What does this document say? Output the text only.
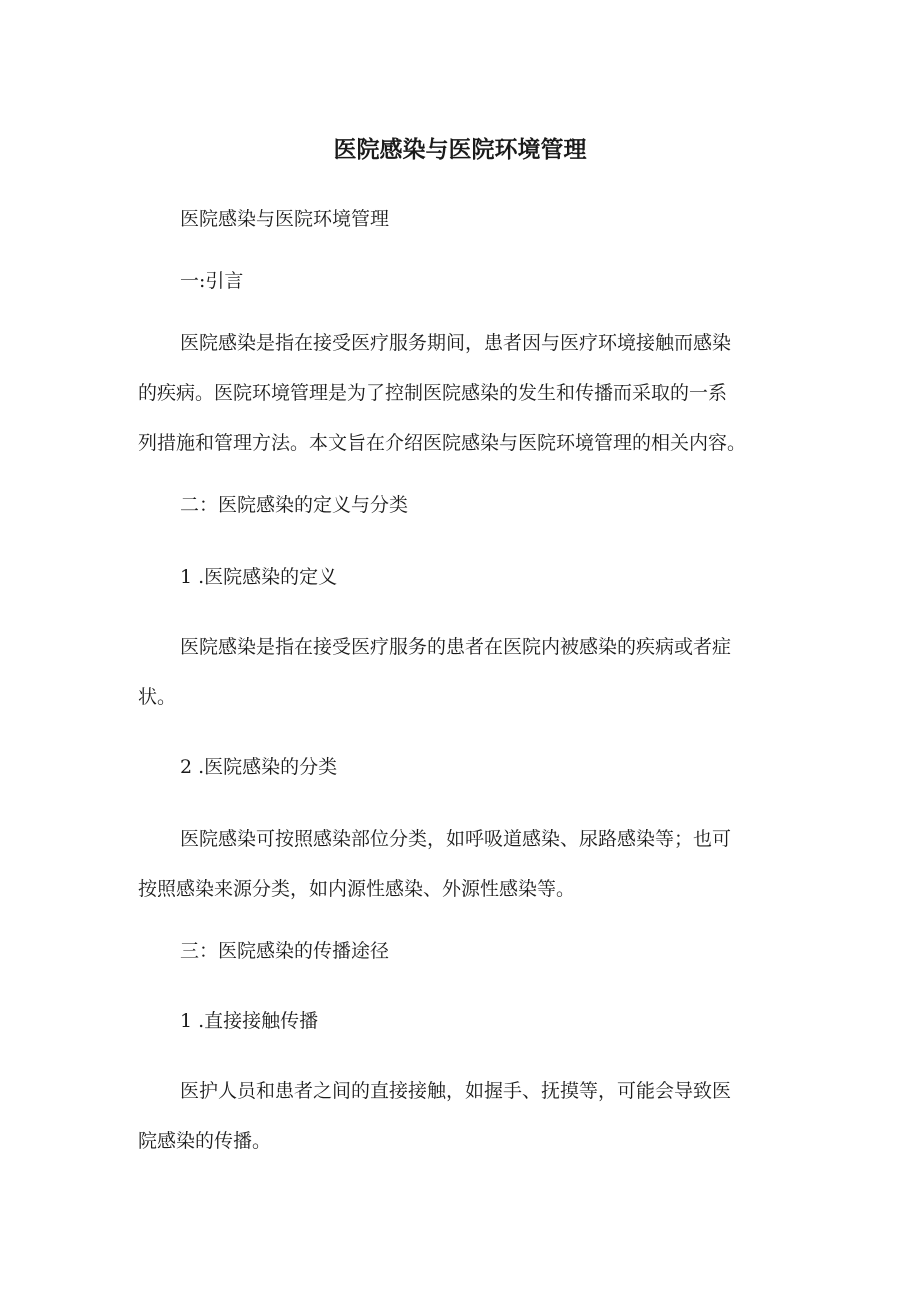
医院感染与医院环境管理
医院感染与医院环境管理
一:引言
医院感染是指在接受医疗服务期间，患者因与医疗环境接触而感染
的疾病。医院环境管理是为了控制医院感染的发生和传播而采取的一系
列措施和管理方法。本文旨在介绍医院感染与医院环境管理的相关内容。
二：医院感染的定义与分类
1 .医院感染的定义
医院感染是指在接受医疗服务的患者在医院内被感染的疾病或者症
状。
2 .医院感染的分类
医院感染可按照感染部位分类，如呼吸道感染、尿路感染等；也可
按照感染来源分类，如内源性感染、外源性感染等。
三：医院感染的传播途径
1 .直接接触传播
医护人员和患者之间的直接接触，如握手、抚摸等，可能会导致医
院感染的传播。
